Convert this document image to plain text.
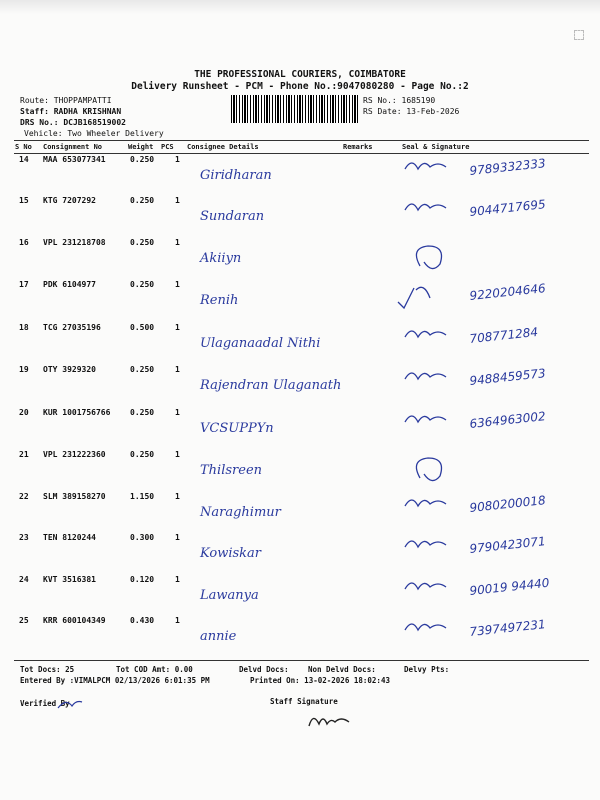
THE PROFESSIONAL COURIERS, COIMBATORE
Delivery Runsheet - PCM - Phone No.:9047080280 - Page No.:2
Route: THOPPAMPATTI
Staff: RADHA KRISHNAN
DRS No.: DCJB168519002
Vehicle: Two Wheeler Delivery
RS No.: 1685190
RS Date: 13-Feb-2026
S No Consignment No	Weight PCS Consignee Details	Remarks	Seal & Signature
14 MAA 653077341	0.250	1
Giridharan	9789332333
15 KTG 7207292	0.250	1
Sundaran	9044717695
16 VPL 231218708	0.250	1
Akiiyn
17 PDK 6104977	0.250	1
Renih	9220204646
18 TCG 27035196	0.500	1
Ulaganaadal Nithi	708771284
19 OTY 3929320	0.250	1
Rajendran Ulaganath	9488459573
20 KUR 1001756766 0.250	1
VCSUPPYn	6364963002
21 VPL 231222360	0.250	1
Thilsreen
22 SLM 389158270	1.150	1
Naraghimur	9080200018
23 TEN 8120244	0.300	1
Kowiskar	9790423071
24 KVT 3516381	0.120	1
Lawanya	90019 94440
25 KRR 600104349	0.430	1
annie	7397497231
Tot Docs: 25	Tot COD Amt: 0.00	Delvd Docs:	Non Delvd Docs:	Delvy Pts:
Entered By :VIMALPCM 02/13/2026 6:01:35 PM	Printed On: 13-02-2026 18:02:43
Verified By	Staff Signature
